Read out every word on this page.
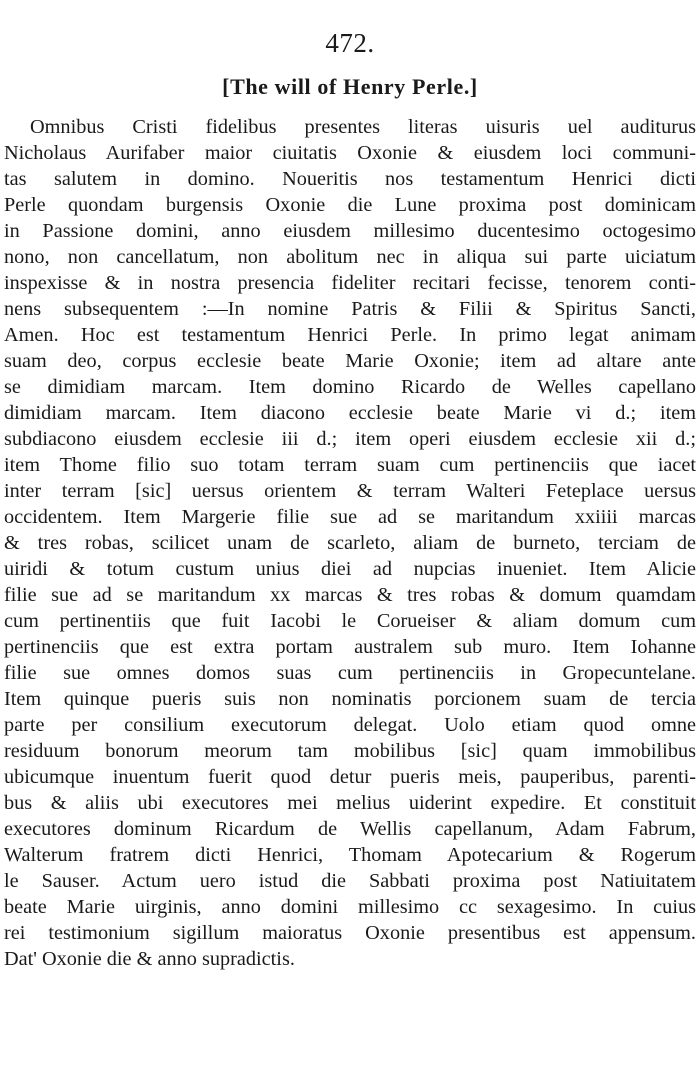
472.
[The will of Henry Perle.]
Omnibus Cristi fidelibus presentes literas uisuris uel auditurus
Nicholaus Aurifaber maior ciuitatis Oxonie & eiusdem loci communi-
tas salutem in domino. Noueritis nos testamentum Henrici dicti
Perle quondam burgensis Oxonie die Lune proxima post dominicam
in Passione domini, anno eiusdem millesimo ducentesimo octogesimo
nono, non cancellatum, non abolitum nec in aliqua sui parte uiciatum
inspexisse & in nostra presencia fideliter recitari fecisse, tenorem conti-
nens subsequentem :—In nomine Patris & Filii & Spiritus Sancti,
Amen. Hoc est testamentum Henrici Perle. In primo legat animam
suam deo, corpus ecclesie beate Marie Oxonie; item ad altare ante
se dimidiam marcam. Item domino Ricardo de Welles capellano
dimidiam marcam. Item diacono ecclesie beate Marie vi d.; item
subdiacono eiusdem ecclesie iii d.; item operi eiusdem ecclesie xii d.;
item Thome filio suo totam terram suam cum pertinenciis que iacet
inter terram [sic] uersus orientem & terram Walteri Feteplace uersus
occidentem. Item Margerie filie sue ad se maritandum xxiiii marcas
& tres robas, scilicet unam de scarleto, aliam de burneto, terciam de
uiridi & totum custum unius diei ad nupcias inueniet. Item Alicie
filie sue ad se maritandum xx marcas & tres robas & domum quamdam
cum pertinentiis que fuit Iacobi le Corueiser & aliam domum cum
pertinenciis que est extra portam australem sub muro. Item Iohanne
filie sue omnes domos suas cum pertinenciis in Gropecuntelane.
Item quinque pueris suis non nominatis porcionem suam de tercia
parte per consilium executorum delegat. Uolo etiam quod omne
residuum bonorum meorum tam mobilibus [sic] quam immobilibus
ubicumque inuentum fuerit quod detur pueris meis, pauperibus, parenti-
bus & aliis ubi executores mei melius uiderint expedire. Et constituit
executores dominum Ricardum de Wellis capellanum, Adam Fabrum,
Walterum fratrem dicti Henrici, Thomam Apotecarium & Rogerum
le Sauser. Actum uero istud die Sabbati proxima post Natiuitatem
beate Marie uirginis, anno domini millesimo cc sexagesimo. In cuius
rei testimonium sigillum maioratus Oxonie presentibus est appensum.
Dat' Oxonie die & anno supradictis.
